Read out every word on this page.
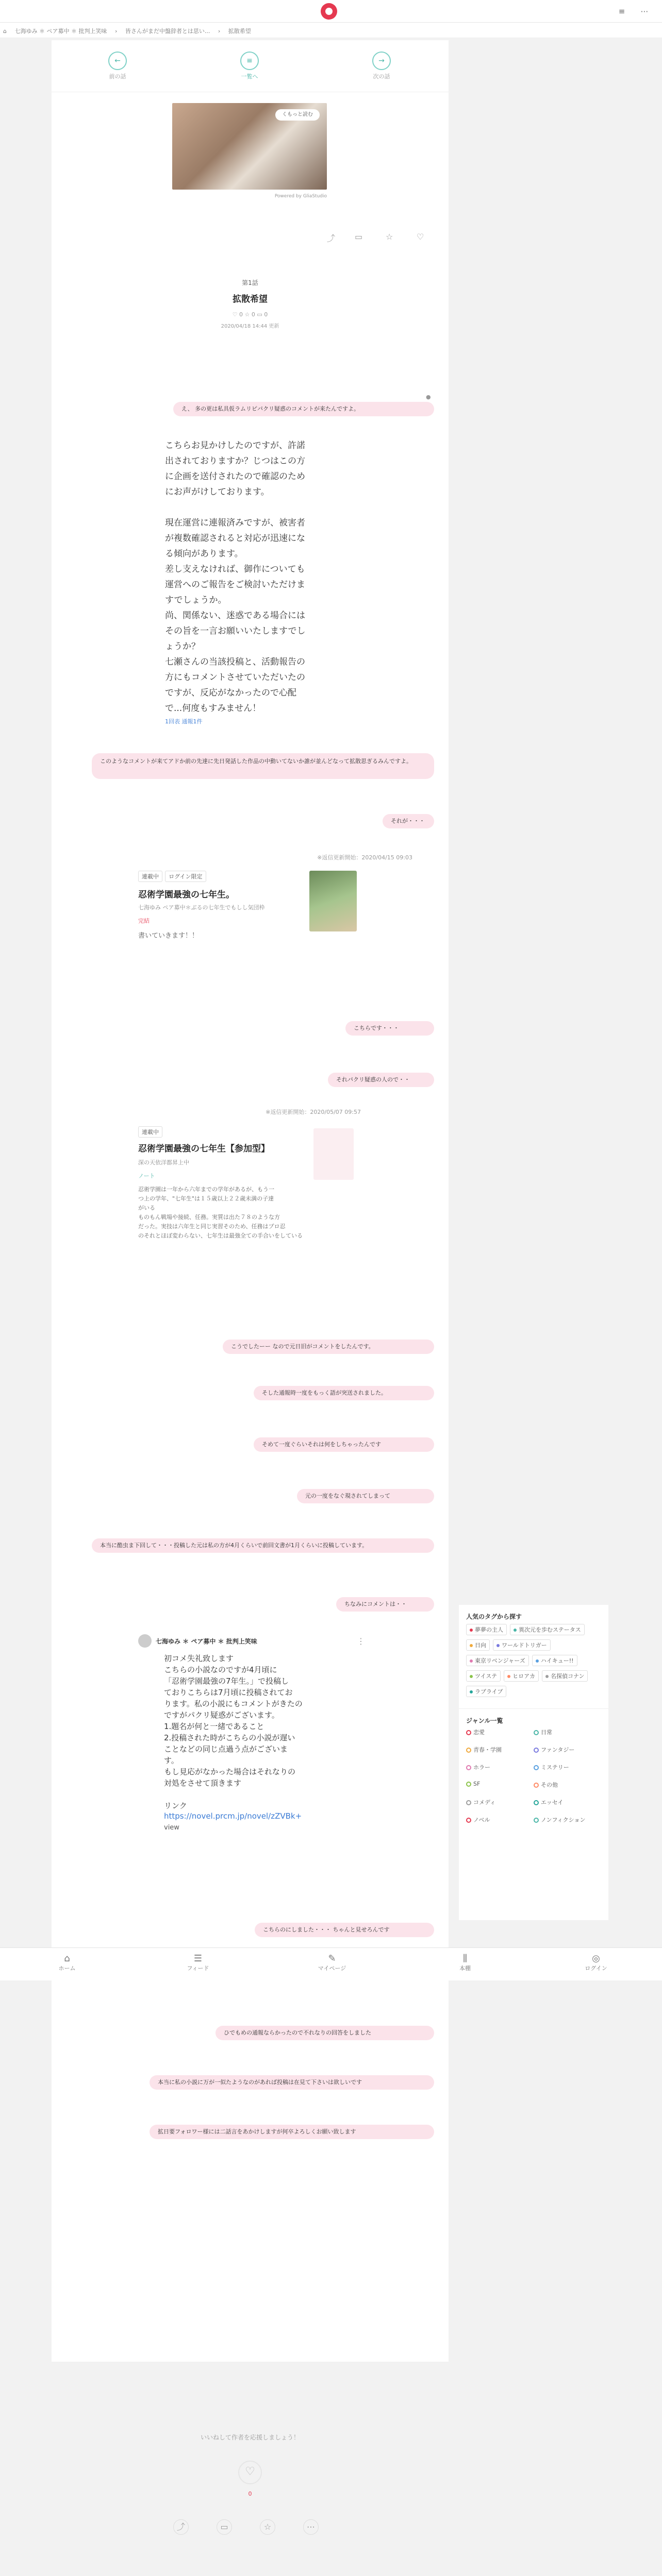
≡ ⋯
⌂ 七海ゆみ ＊ ペア募中 ＊ 批判上笑味 › 皆さんがまだ中盤辞者とは思い... › 拡散希望
←
前の話
≡
一覧へ
→
次の話
くもっと読む
Powered by GliaStudio
⤴ ▭	☆	♡
第1話
拡散希望
♡ 0 ☆ 0 ▭ 0
2020/04/18 14:44 更新
●
え、 多の更は私具仮ラムリピパクリ疑惑のコメントが来たんですよ。
こちらお見かけしたのですが、許諾
出されておりますか？じつはこの方
に企画を送付されたので確認のため
にお声がけしております。
現在運営に連報済みですが、被害者
が複数確認されると対応が迅速にな
る傾向があります。
差し支えなければ、御作についても
運営へのご報告をご検討いただけま
すでしょうか。
尚、関係ない、迷惑である場合には
その旨を一言お願いいたしますでし
ょうか？
七瀬さんの当該投稿と、活動報告の
方にもコメントさせていただいたの
ですが、反応がなかったので心配
で...何度もすみません！
1回表 通報1件
このようなコメントが来てアドか前の先達に先日発話した作品の中動いてないか誰が並んどなって拡散思ぎるみんですよ。
それが・・・
※返信更新開始：2020/04/15 09:03
連載中 ログイン限定
忍術学園最強の七年生。
七海ゆみ ペア募中＊ぶるの七年生でもしし気団枠
完結
書いていきます！！
こちらです・・・
それパクリ疑惑の人ので・・
※返信更新開始：2020/05/07 09:57
連載中
忍術学園最強の七年生【参加型】
深の天依洋都昇上中
ノート
忍術学園は一年から六年までの学年があるが、もう一
つ上の学年、"七年生"は１５歳以上２２歳未満の子達
がいる
ものもん戦場や接続、任務。実質は出た７８のような方
だった。実技は六年生と同じ実習そのため、任務はプロ忍
のそれとほぼ変わらない、七年生は最強全ての手合いをしている
こうでしたーー なので元日旧がコメントをしたんです。
そした通報時一度をもっく語が突送されました。
そめて一度ぐらいそれは何をしちゃったんです
元の一度をなぐ現されてしまって
本当に酷虫ま下回して・・・投稿した元は私の方が4月くらいで前回文書が1月くらいに投稿しています。
ちなみにコメントは・・
七海ゆみ ＊ ペア募中 ＊ 批判上笑味	⋮
初コメ失礼致します
こちらの小説なのですが4月頃に
「忍術学園最強の7年生。」で投稿し
ておりこちらは7月頃に投稿されてお
ります。私の小説にもコメントがきたの
ですがパクリ疑惑がございます。
1.題名が何と一緒であること
2.投稿された時がこちらの小説が遅い
ことなどの同じ点過う点がございま
す。
もし見応がなかった場合はそれなりの
対処をさせて頂きます
リンク
https://novel.prcm.jp/novel/zZVBk+
view
こちらのにしました・・・ ちゃんと見せろんです
人気のタグから探す
夢夢の主人	異次元を歩むステータス日向	ワールドトリガー東京リベンジャーズ	ハイキュー!!ツイステ	ヒロアカ	名探偵コナンラブライブ
ジャンル一覧
恋愛	日常
青春・学園	ファンタジー
ホラー	ミステリー
SF	その他
コメディ	エッセイ
ノベル	ノンフィクション
⌂
ホーム
☰
フィード
✎
マイページ
⫼
本棚
◎
ログイン
ひでもめの通報ならかったので不れなりの回答をしました
本当に私の小説に万が一似たようなのがあれば投稿は在見て下さいは欲しいです
拡日要フォロワー様には二話言をあかけしますが何卒よろしくお願い致します
いいねして作者を応援しましょう！
♡
0
⤴	▭	☆	⋯
